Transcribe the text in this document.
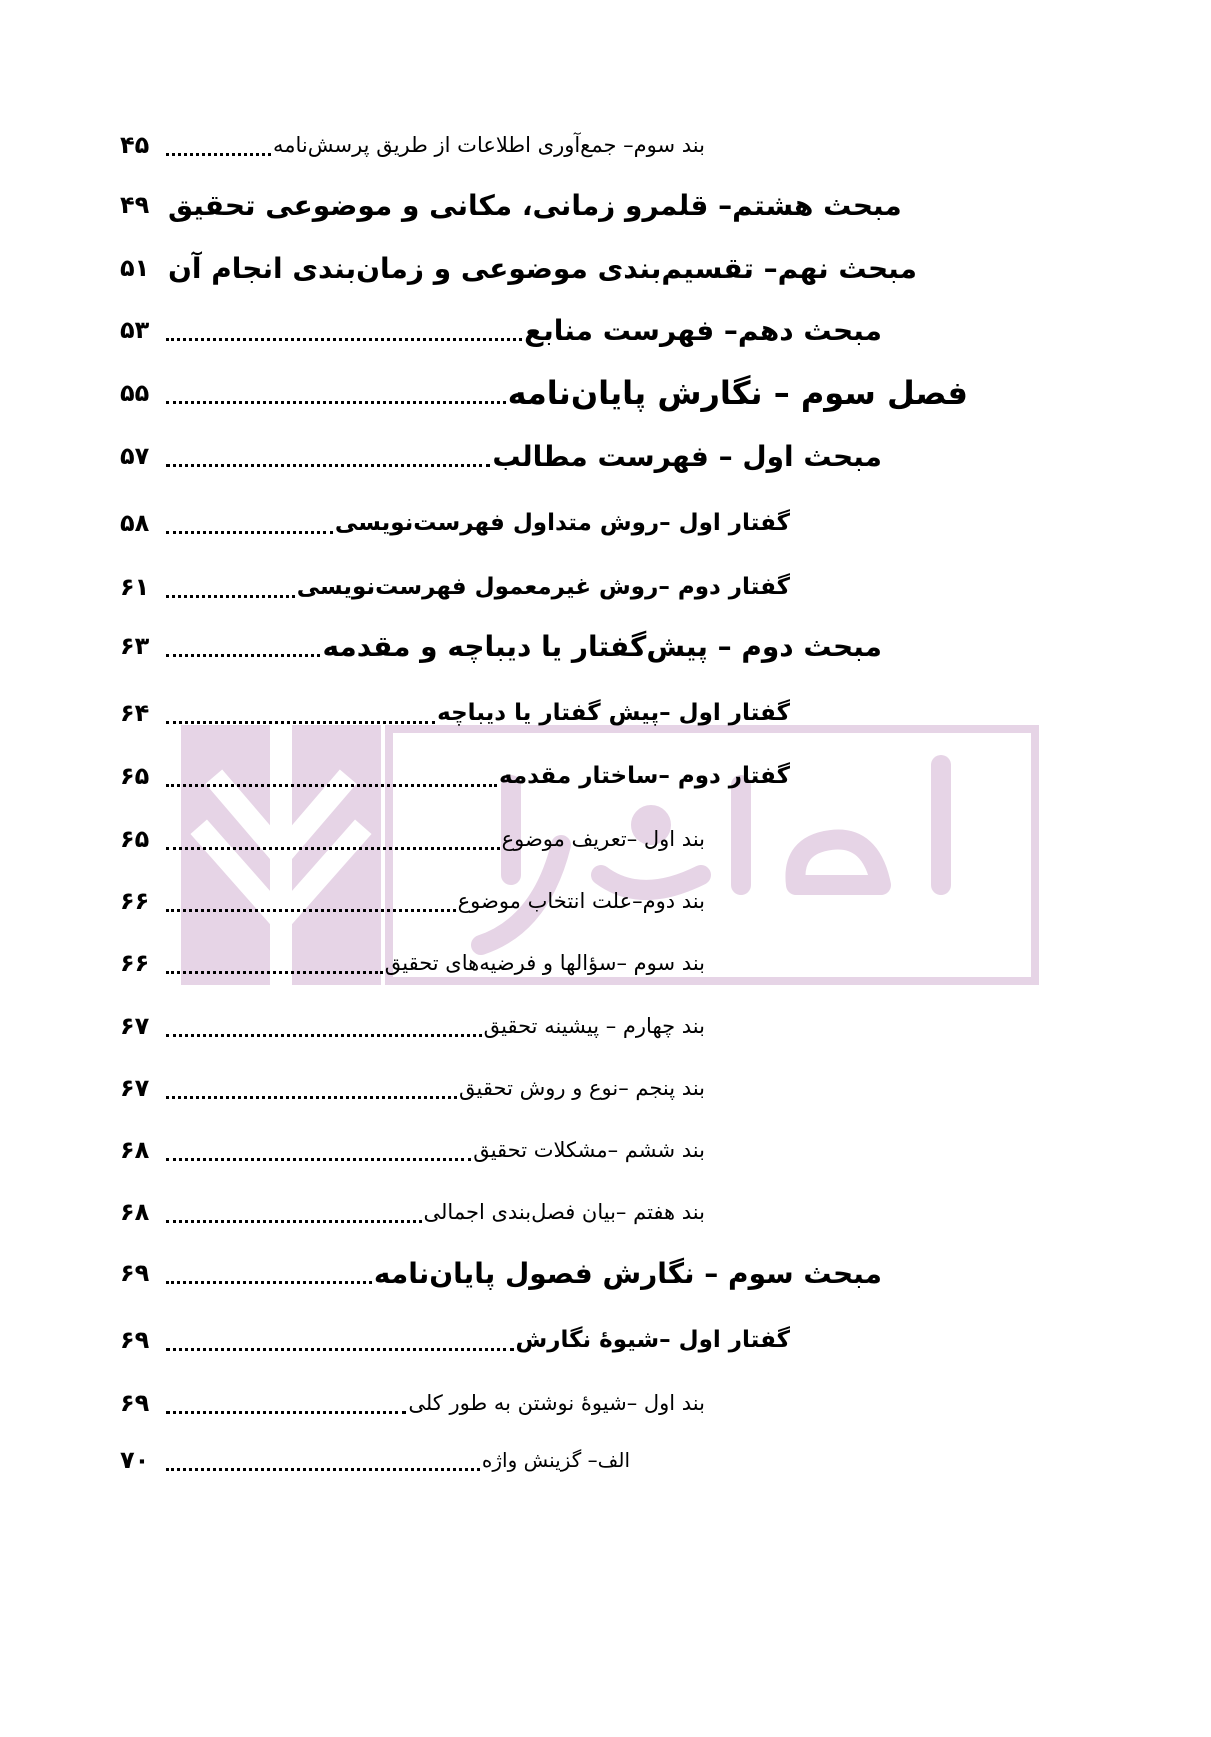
۴۵	بند سوم– جمع‌آوری اطلاعات از طریق پرسش‌نامه
۴۹ مبحث هشتم– قلمرو زمانی، مکانی و موضوعی تحقیق
۵۱ مبحث نهم– تقسیم‌بندی موضوعی و زمان‌بندی انجام آن
۵۳	مبحث دهم– فهرست منابع
۵۵	فصل سوم – نگارش پایان‌نامه
۵۷	مبحث اول – فهرست مطالب
۵۸	گفتار اول –روش متداول فهرست‌نویسی
۶۱	گفتار دوم –روش غیرمعمول فهرست‌نویسی
۶۳	مبحث دوم – پیش‌گفتار یا دیباچه و مقدمه
۶۴	گفتار اول –پیش گفتار یا دیباچه
۶۵	گفتار دوم –ساختار مقدمه
۶۵	بند اول –تعریف موضوع
۶۶	بند دوم–علت انتخاب موضوع
۶۶	بند سوم –سؤالها و فرضیه‌های تحقیق
۶۷	بند چهارم – پیشینه تحقیق
۶۷	بند پنجم –نوع و روش تحقیق
۶۸	بند ششم –مشکلات تحقیق
۶۸	بند هفتم –بیان فصل‌بندی اجمالی
۶۹	مبحث سوم – نگارش فصول پایان‌نامه
۶۹	گفتار اول –شیوهٔ نگارش
۶۹	بند اول –شیوهٔ نوشتن به طور کلی
۷۰	الف– گزینش واژه
